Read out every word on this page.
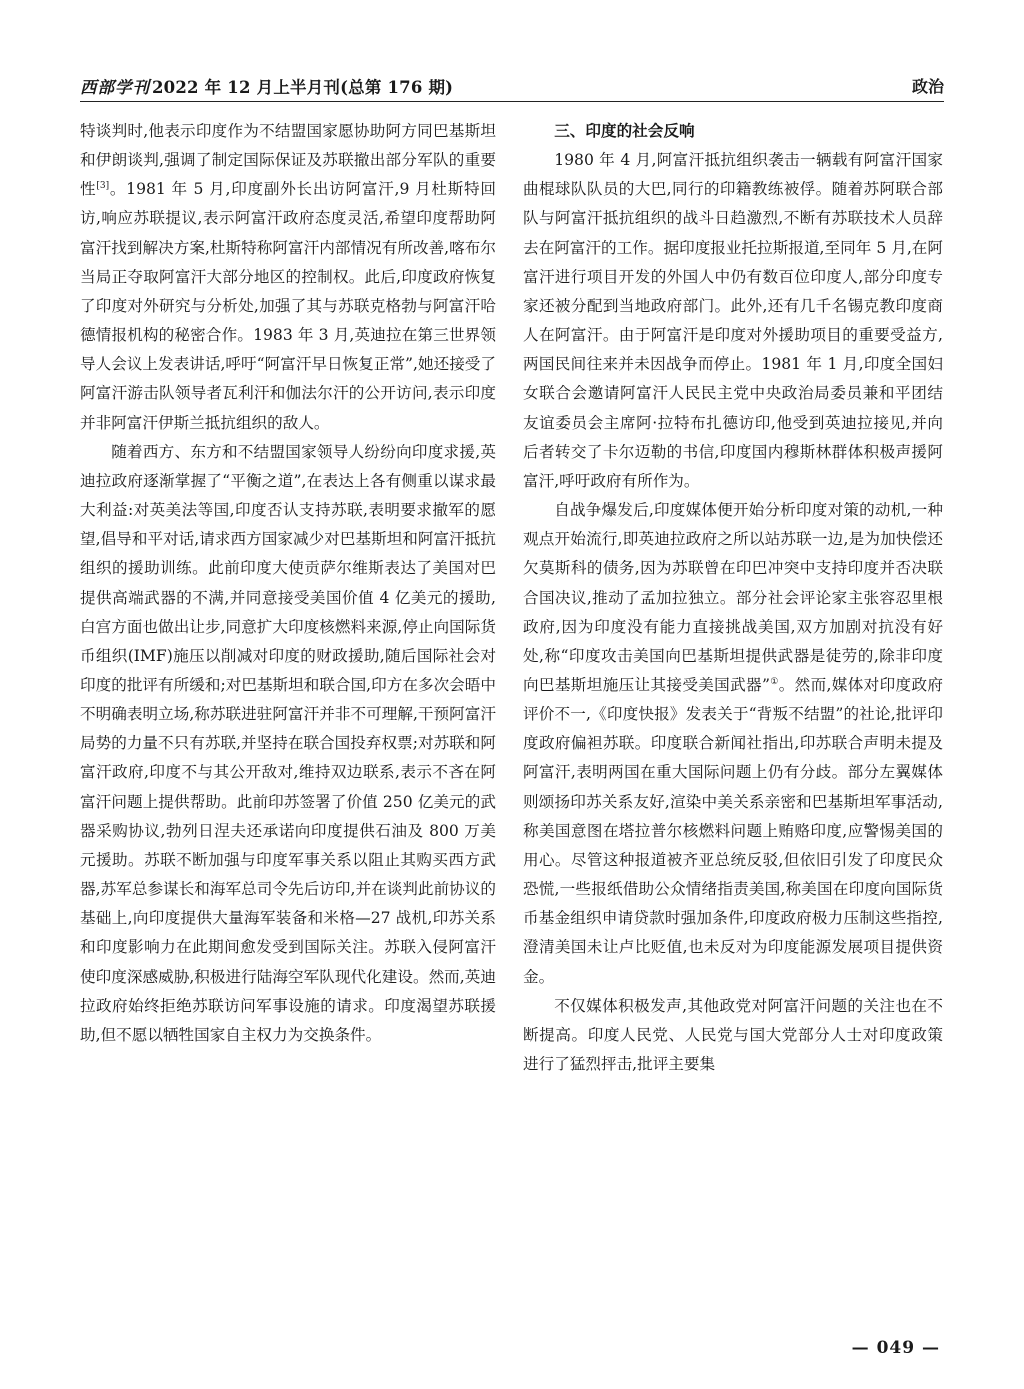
西部学刊 2022 年 12 月上半月刊(总第 176 期)	政治

特谈判时,他表示印度作为不结盟国家愿协助阿方同巴基斯坦和伊朗谈判,强调了制定国际保证及苏联撤出部分军队的重要性[3]。1981 年 5 月,印度副外长出访阿富汗,9 月杜斯特回访,响应苏联提议,表示阿富汗政府态度灵活,希望印度帮助阿富汗找到解决方案,杜斯特称阿富汗内部情况有所改善,喀布尔当局正夺取阿富汗大部分地区的控制权。此后,印度政府恢复了印度对外研究与分析处,加强了其与苏联克格勃与阿富汗哈德情报机构的秘密合作。1983 年 3 月,英迪拉在第三世界领导人会议上发表讲话,呼吁“阿富汗早日恢复正常”,她还接受了阿富汗游击队领导者瓦利汗和伽法尔汗的公开访问,表示印度并非阿富汗伊斯兰抵抗组织的敌人。

随着西方、东方和不结盟国家领导人纷纷向印度求援,英迪拉政府逐渐掌握了“平衡之道”,在表达上各有侧重以谋求最大利益:对英美法等国,印度否认支持苏联,表明要求撤军的愿望,倡导和平对话,请求西方国家减少对巴基斯坦和阿富汗抵抗组织的援助训练。此前印度大使贡萨尔维斯表达了美国对巴提供高端武器的不满,并同意接受美国价值 4 亿美元的援助,白宫方面也做出让步,同意扩大印度核燃料来源,停止向国际货币组织(IMF)施压以削减对印度的财政援助,随后国际社会对印度的批评有所缓和;对巴基斯坦和联合国,印方在多次会晤中不明确表明立场,称苏联进驻阿富汗并非不可理解,干预阿富汗局势的力量不只有苏联,并坚持在联合国投弃权票;对苏联和阿富汗政府,印度不与其公开敌对,维持双边联系,表示不吝在阿富汗问题上提供帮助。此前印苏签署了价值 250 亿美元的武器采购协议,勃列日涅夫还承诺向印度提供石油及 800 万美元援助。苏联不断加强与印度军事关系以阻止其购买西方武器,苏军总参谋长和海军总司令先后访印,并在谈判此前协议的基础上,向印度提供大量海军装备和米格—27 战机,印苏关系和印度影响力在此期间愈发受到国际关注。苏联入侵阿富汗使印度深感威胁,积极进行陆海空军队现代化建设。然而,英迪拉政府始终拒绝苏联访问军事设施的请求。印度渴望苏联援助,但不愿以牺牲国家自主权力为交换条件。

三、印度的社会反响

1980 年 4 月,阿富汗抵抗组织袭击一辆载有阿富汗国家曲棍球队队员的大巴,同行的印籍教练被俘。随着苏阿联合部队与阿富汗抵抗组织的战斗日趋激烈,不断有苏联技术人员辞去在阿富汗的工作。据印度报业托拉斯报道,至同年 5 月,在阿富汗进行项目开发的外国人中仍有数百位印度人,部分印度专家还被分配到当地政府部门。此外,还有几千名锡克教印度商人在阿富汗。由于阿富汗是印度对外援助项目的重要受益方,两国民间往来并未因战争而停止。1981 年 1 月,印度全国妇女联合会邀请阿富汗人民民主党中央政治局委员兼和平团结友谊委员会主席阿·拉特布扎德访印,他受到英迪拉接见,并向后者转交了卡尔迈勒的书信,印度国内穆斯林群体积极声援阿富汗,呼吁政府有所作为。

自战争爆发后,印度媒体便开始分析印度对策的动机,一种观点开始流行,即英迪拉政府之所以站苏联一边,是为加快偿还欠莫斯科的债务,因为苏联曾在印巴冲突中支持印度并否决联合国决议,推动了孟加拉独立。部分社会评论家主张容忍里根政府,因为印度没有能力直接挑战美国,双方加剧对抗没有好处,称“印度攻击美国向巴基斯坦提供武器是徒劳的,除非印度向巴基斯坦施压让其接受美国武器”①。然而,媒体对印度政府评价不一,《印度快报》发表关于“背叛不结盟”的社论,批评印度政府偏袒苏联。印度联合新闻社指出,印苏联合声明未提及阿富汗,表明两国在重大国际问题上仍有分歧。部分左翼媒体则颂扬印苏关系友好,渲染中美关系亲密和巴基斯坦军事活动,称美国意图在塔拉普尔核燃料问题上贿赂印度,应警惕美国的用心。尽管这种报道被齐亚总统反驳,但依旧引发了印度民众恐慌,一些报纸借助公众情绪指责美国,称美国在印度向国际货币基金组织申请贷款时强加条件,印度政府极力压制这些指控,澄清美国未让卢比贬值,也未反对为印度能源发展项目提供资金。

不仅媒体积极发声,其他政党对阿富汗问题的关注也在不断提高。印度人民党、人民党与国大党部分人士对印度政策进行了猛烈抨击,批评主要集

— 049 —
